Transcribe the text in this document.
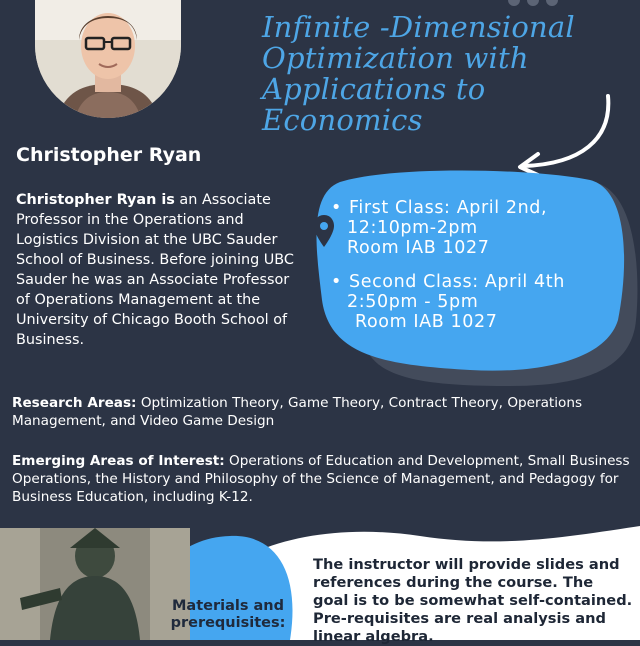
Infinite -Dimensional Optimization with Applications to Economics
Christopher Ryan

Christopher Ryan is an Associate Professor in the Operations and Logistics Division at the UBC Sauder School of Business. Before joining UBC Sauder he was an Associate Professor of Operations Management at the University of Chicago Booth School of Business.

• First Class: April 2nd,
12:10pm-2pm
Room IAB 1027
• Second Class: April 4th
2:50pm - 5pm
Room IAB 1027

Research Areas: Optimization Theory, Game Theory, Contract Theory, Operations Management, and Video Game Design

Emerging Areas of Interest: Operations of Education and Development, Small Business Operations, the History and Philosophy of the Science of Management, and Pedagogy for Business Education, including K-12.

Materials and prerequisites:

The instructor will provide slides and references during the course. The goal is to be somewhat self-contained. Pre-requisites are real analysis and linear algebra.
